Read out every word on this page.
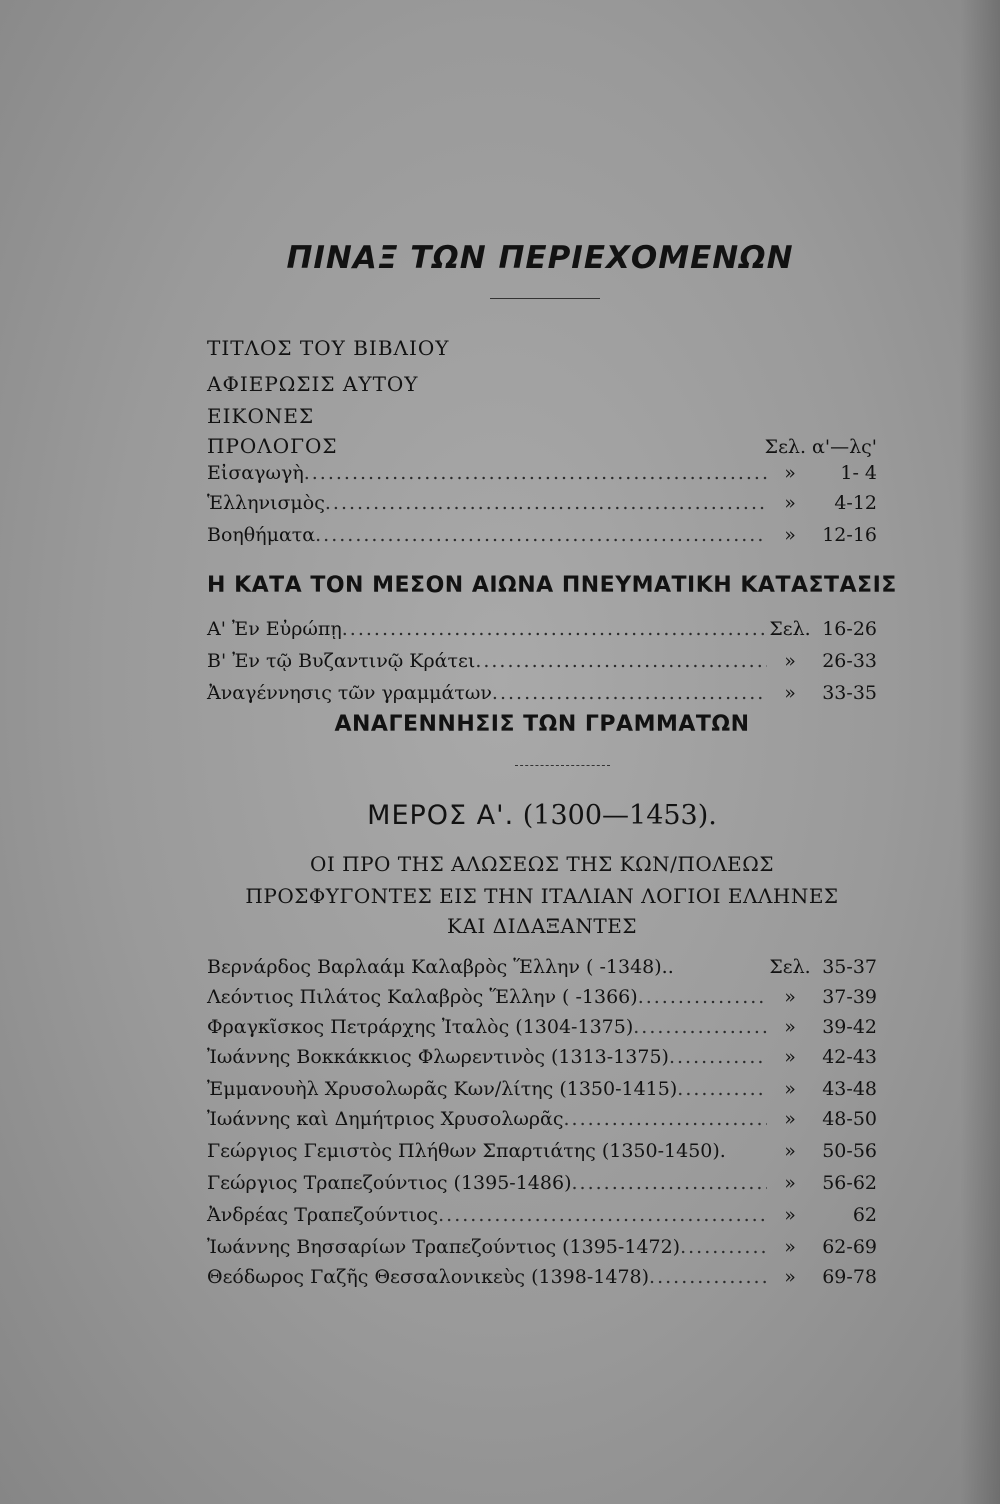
ΠΙΝΑΞ ΤΩΝ ΠΕΡΙΕΧΟΜΕΝΩΝ
ΤΙΤΛΟΣ ΤΟΥ ΒΙΒΛΙΟΥ
ΑΦΙΕΡΩΣΙΣ ΑΥΤΟΥ
ΕΙΚΟΝΕΣ
ΠΡΟΛΟΓΟΣ	Σελ. α'—λς'
Εἰσαγωγὴ .....	»	1- 4
Ἑλληνισμὸς .....	»	4-12
Βοηθήματα .....	»	12-16
Η ΚΑΤΑ ΤΟΝ ΜΕΣΟΝ ΑΙΩΝΑ ΠΝΕΥΜΑΤΙΚΗ ΚΑΤΑΣΤΑΣΙΣ
Α' Ἐν Εὐρώπῃ .....	Σελ. 16-26
Β' Ἐν τῷ Βυζαντινῷ Κράτει .....	»	26-33
Ἀναγέννησις τῶν γραμμάτων .....	»	33-35
ΑΝΑΓΕΝΝΗΣΙΣ ΤΩΝ ΓΡΑΜΜΑΤΩΝ
ΜΕΡΟΣ Α'. (1300—1453).
ΟΙ ΠΡΟ ΤΗΣ ΑΛΩΣΕΩΣ ΤΗΣ ΚΩΝ/ΠΟΛΕΩΣ
ΠΡΟΣΦΥΓΟΝΤΕΣ ΕΙΣ ΤΗΝ ΙΤΑΛΙΑΝ ΛΟΓΙΟΙ ΕΛΛΗΝΕΣ
ΚΑΙ ΔΙΔΑΞΑΝΤΕΣ
Βερνάρδος Βαρλαάμ Καλαβρὸς Ἕλλην ( -1348)..	Σελ. 35-37
Λεόντιος Πιλάτος Καλαβρὸς Ἕλλην ( -1366) .....	»	37-39
Φραγκῖσκος Πετράρχης Ἰταλὸς (1304-1375) .....	»	39-42
Ἰωάννης Βοκκάκκιος Φλωρεντινὸς (1313-1375) .....	»	42-43
Ἐμμανουὴλ Χρυσολωρᾶς Κων/λίτης (1350-1415) .....	»	43-48
Ἰωάννης καὶ Δημήτριος Χρυσολωρᾶς .....	»	48-50
Γεώργιος Γεμιστὸς Πλήθων Σπαρτιάτης (1350-1450).	»	50-56
Γεώργιος Τραπεζούντιος (1395-1486) .....	»	56-62
Ἀνδρέας Τραπεζούντιος .....	»	62
Ἰωάννης Βησσαρίων Τραπεζούντιος (1395-1472) .....	»	62-69
Θεόδωρος Γαζῆς Θεσσαλονικεὺς (1398-1478) .....	»	69-78
